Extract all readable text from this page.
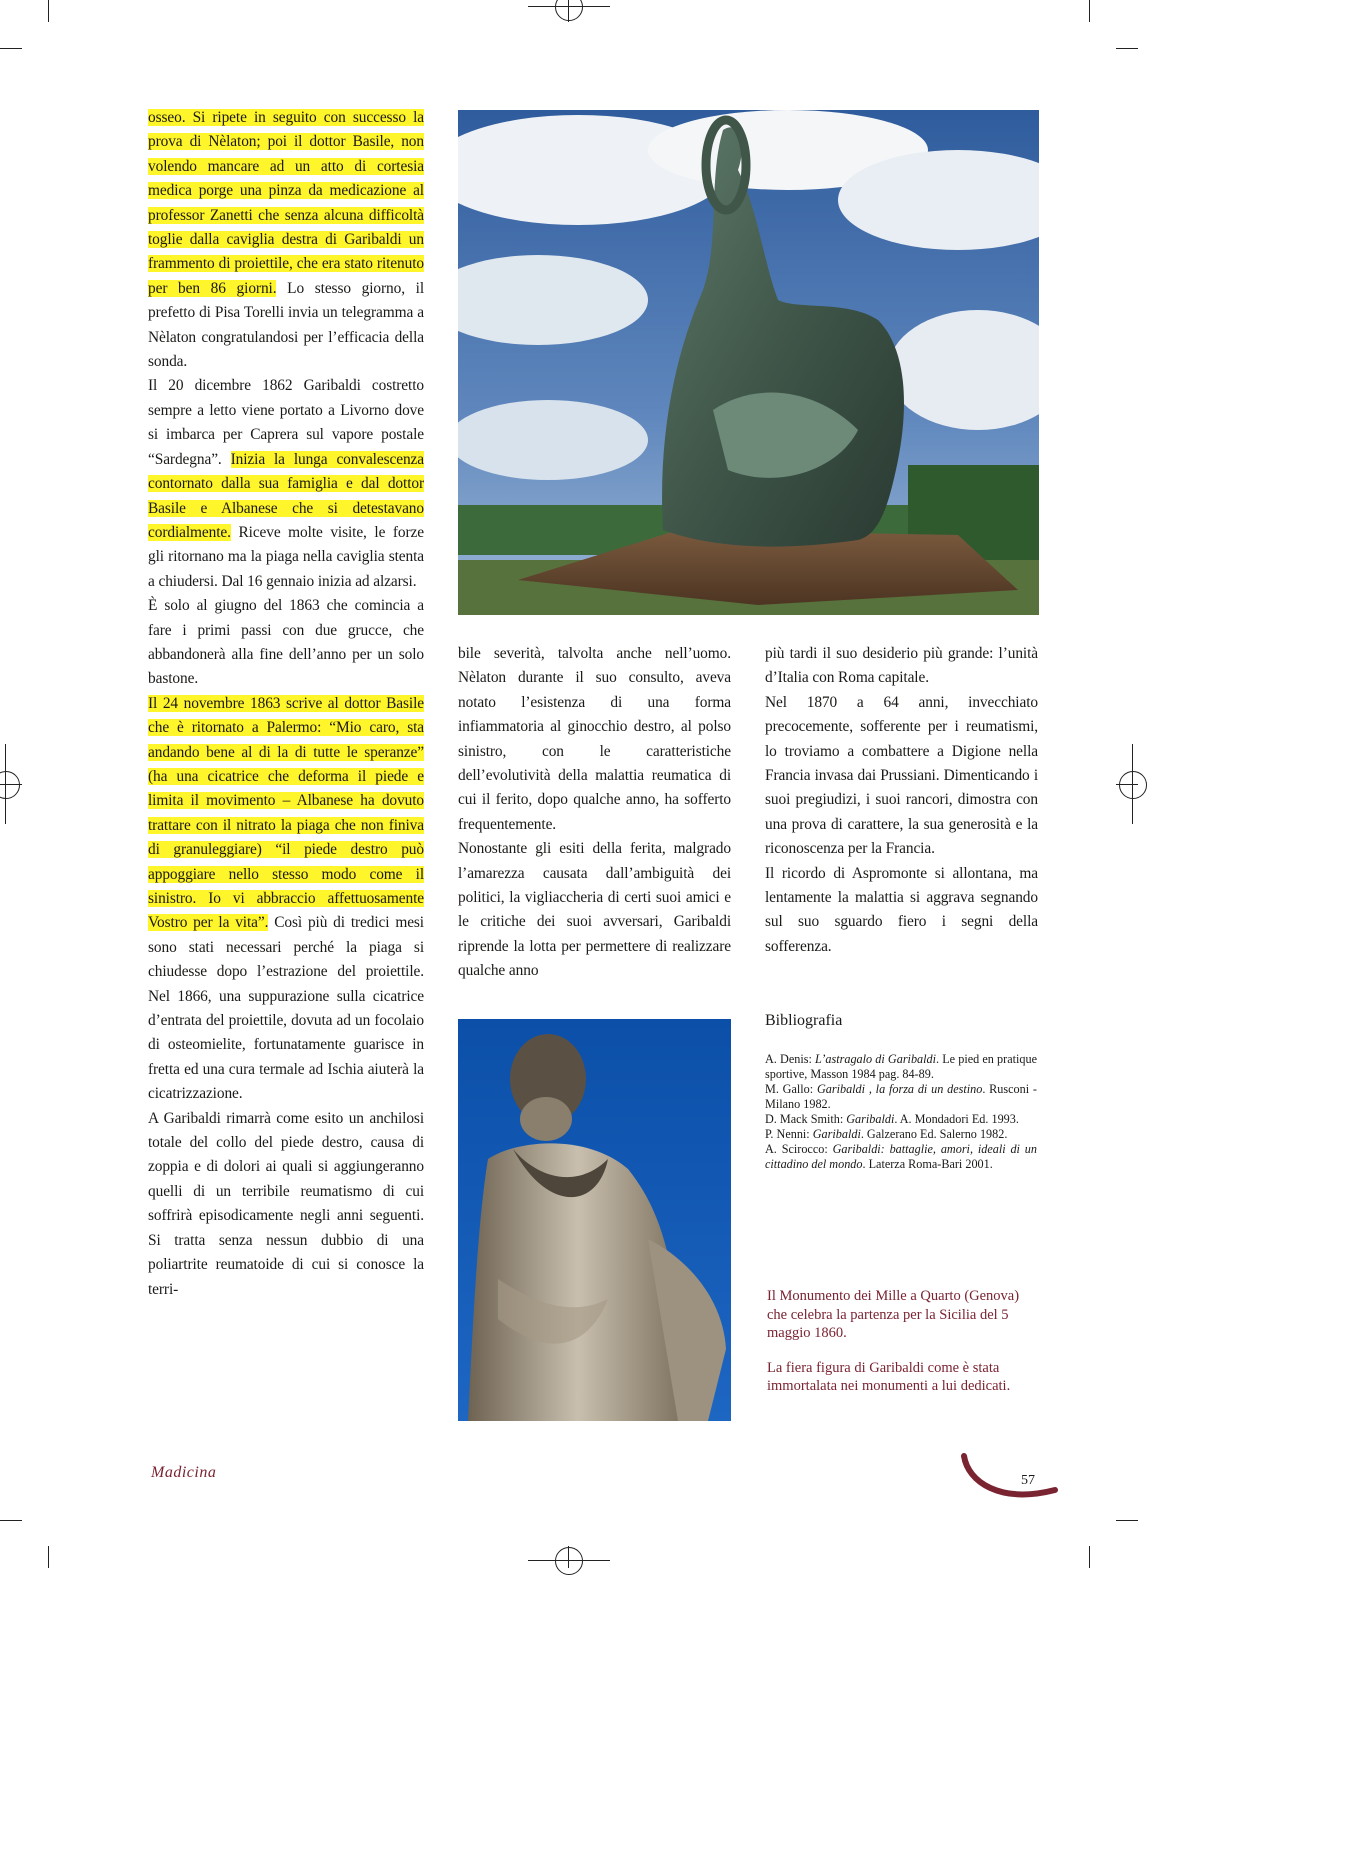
osseo. Si ripete in seguito con successo la prova di Nèlaton; poi il dottor Basile, non volendo mancare ad un atto di cortesia medica porge una pinza da medicazione al professor Zanetti che senza alcuna difficoltà toglie dalla caviglia destra di Garibaldi un frammento di proiettile, che era stato ritenuto per ben 86 giorni. Lo stesso giorno, il prefetto di Pisa Torelli invia un telegramma a Nèlaton congratulandosi per l’efficacia della sonda.

Il 20 dicembre 1862 Garibaldi costretto sempre a letto viene portato a Livorno dove si imbarca per Caprera sul vapore postale “Sardegna”. Inizia la lunga convalescenza contornato dalla sua famiglia e dal dottor Basile e Albanese che si detestavano cordialmente. Riceve molte visite, le forze gli ritornano ma la piaga nella caviglia stenta a chiudersi. Dal 16 gennaio inizia ad alzarsi.

È solo al giugno del 1863 che comincia a fare i primi passi con due grucce, che abbandonerà alla fine dell’anno per un solo bastone.

Il 24 novembre 1863 scrive al dottor Basile che è ritornato a Palermo: “Mio caro, sta andando bene al di la di tutte le speranze” (ha una cicatrice che deforma il piede e limita il movimento – Albanese ha dovuto trattare con il nitrato la piaga che non finiva di granuleggiare) “il piede destro può appoggiare nello stesso modo come il sinistro. Io vi abbraccio affettuosamente Vostro per la vita”. Così più di tredici mesi sono stati necessari perché la piaga si chiudesse dopo l’estrazione del proiettile. Nel 1866, una suppurazione sulla cicatrice d’entrata del proiettile, dovuta ad un focolaio di osteomielite, fortunatamente guarisce in fretta ed una cura termale ad Ischia aiuterà la cicatrizzazione.

A Garibaldi rimarrà come esito un anchilosi totale del collo del piede destro, causa di zoppia e di dolori ai quali si aggiungeranno quelli di un terribile reumatismo di cui soffrirà episodicamente negli anni seguenti. Si tratta senza nessun dubbio di una poliartrite reumatoide di cui si conosce la terri-

bile severità, talvolta anche nell’uomo. Nèlaton durante il suo consulto, aveva notato l’esistenza di una forma infiammatoria al ginocchio destro, al polso sinistro, con le caratteristiche dell’evolutività della malattia reumatica di cui il ferito, dopo qualche anno, ha sofferto frequentemente.

Nonostante gli esiti della ferita, malgrado l’amarezza causata dall’ambiguità dei politici, la vigliaccheria di certi suoi amici e le critiche dei suoi avversari, Garibaldi riprende la lotta per permettere di realizzare qualche anno

più tardi il suo desiderio più grande: l’unità d’Italia con Roma capitale.

Nel 1870 a 64 anni, invecchiato precocemente, sofferente per i reumatismi, lo troviamo a combattere a Digione nella Francia invasa dai Prussiani. Dimenticando i suoi pregiudizi, i suoi rancori, dimostra con una prova di carattere, la sua generosità e la riconoscenza per la Francia.

Il ricordo di Aspromonte si allontana, ma lentamente la malattia si aggrava segnando sul suo sguardo fiero i segni della sofferenza.

Bibliografia

A. Denis: L’astragalo di Garibaldi. Le pied en pratique sportive, Masson 1984 pag. 84-89.

M. Gallo: Garibaldi , la forza di un destino. Rusconi - Milano 1982.

D. Mack Smith: Garibaldi. A. Mondadori Ed. 1993.

P. Nenni: Garibaldi. Galzerano Ed. Salerno 1982.

A. Scirocco: Garibaldi: battaglie, amori, ideali di un cittadino del mondo. Laterza Roma-Bari 2001.

Il Monumento dei Mille a Quarto (Genova) che celebra la partenza per la Sicilia del 5 maggio 1860.

La fiera figura di Garibaldi come è stata immortalata nei monumenti a lui dedicati.

Madicina	57
